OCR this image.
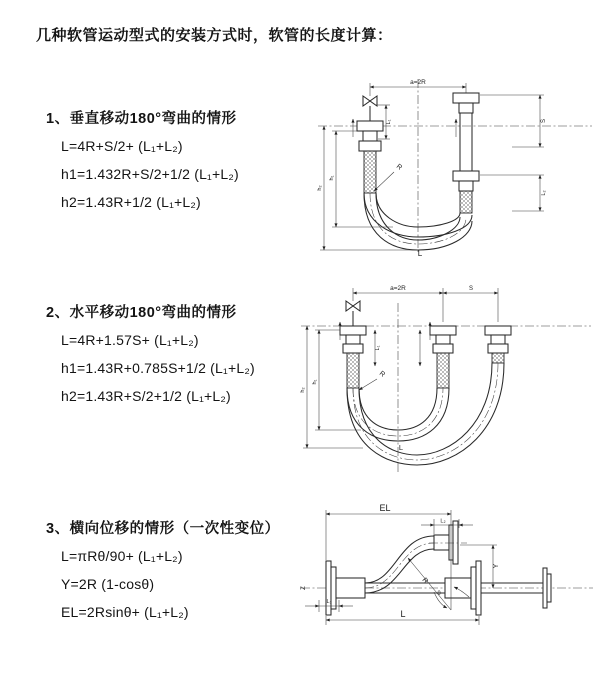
几种软管运动型式的安装方式时，软管的长度计算：
1、垂直移动180°弯曲的情形
L=4R+S/2+ (L₁+L₂)
h1=1.432R+S/2+1/2 (L₁+L₂)
h2=1.43R+1/2 (L₁+L₂)
2、水平移动180°弯曲的情形
L=4R+1.57S+ (L₁+L₂)
h1=1.43R+0.785S+1/2 (L₁+L₂)
h2=1.43R+S/2+1/2 (L₁+L₂)
3、横向位移的情形（一次性变位）
L=πRθ/90+ (L₁+L₂)
Y=2R (1-cosθ)
EL=2Rsinθ+ (L₁+L₂)
a=2R
L₁	S
L₂
h₂
h₁
R
L
a=2R	S
L₁
h₂
h₁
R
L
Z
EL
L₂
Y
R
θ
L₁
L
